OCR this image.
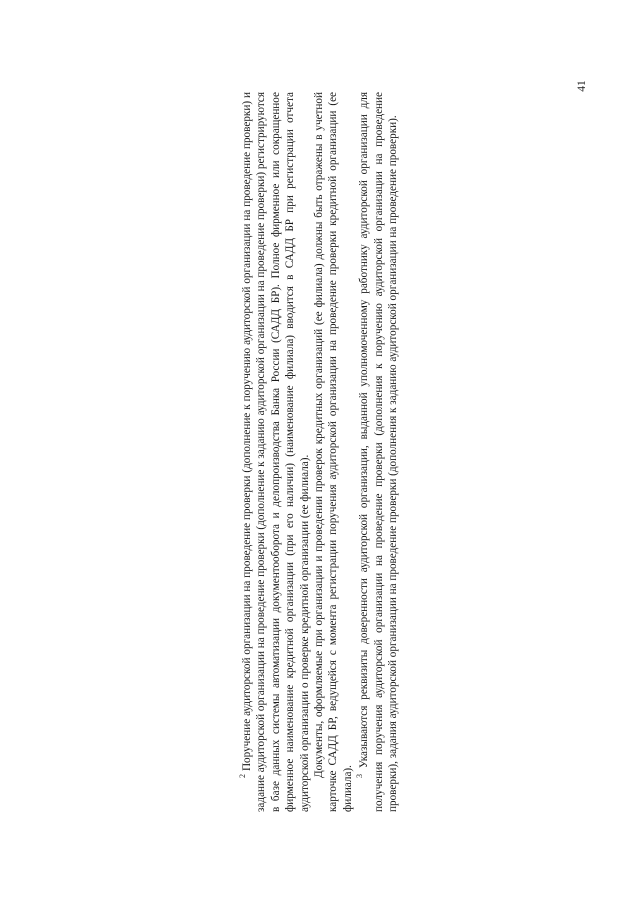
$^2$ Поручение аудиторской организации на проведение проверки (дополнение к поручению аудиторской организации на проведение проверки) и задание аудиторской организации на проведение проверки (дополнение к заданию аудиторской организации на проведение проверки) регистрируются в базе данных системы автоматизации документооборота и делопроизводства Банка России (САДД БР). Полное фирменное или сокращенное фирменное наименование кредитной организации (при его наличии) (наименование филиала) вводится в САДД БР при регистрации отчета аудиторской организации о проверке кредитной организации (ее филиала). Документы, оформляемые при организации и проведении проверок кредитных организаций (ее филиала) должны быть отражены в учетной карточке САДД БР, ведущейся с момента регистрации поручения аудиторской организации на проведение проверки кредитной организации (ее филиала). $^3$ Указываются реквизиты доверенности аудиторской организации, выданной уполномоченному работнику аудиторской организации для получения поручения аудиторской организации на проведение проверки (дополнения к поручению аудиторской организации на проведение проверки), задания аудиторской организации на проведение проверки (дополнения к заданию аудиторской организации на проведение проверки).

41
